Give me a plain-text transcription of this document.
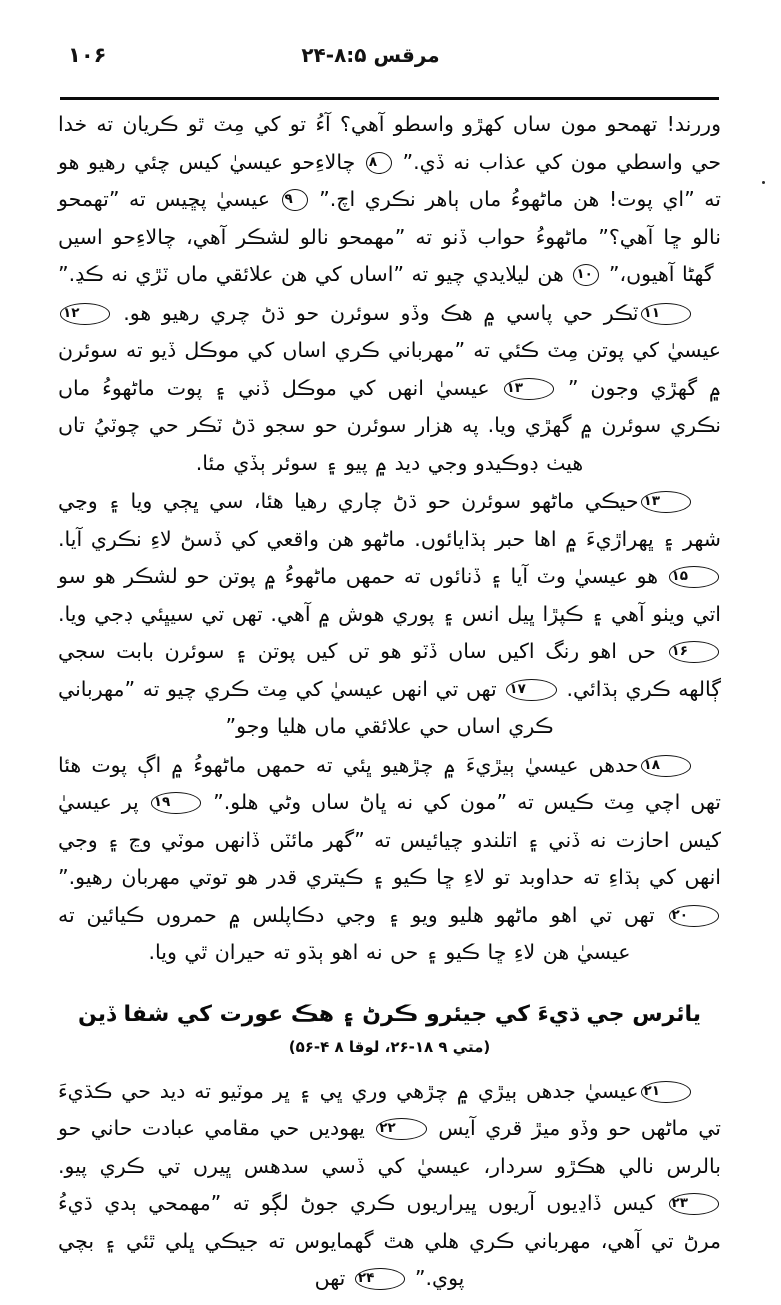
۱۰۶	مرقس ۸:۵-۲۴
وررند! تهمحو مون ساں کھڙو واسطو آهي؟ آءُ تو کي مِٽ ٿو ڪريان ته خدا حي واسطي مون کي عذاب نه ڏي.” ۸ چالاءِحو عيسيٰ کيس چئي رهيو هو ته ”اي پوت! هن ماڻھوءُ ماں ٻاهر نڪري اچ.” ۹ عيسيٰ پڇيس ته ”تهمحو نالو ڇا آهي؟” ماڻھوءُ حواب ڏنو ته ”مهمحو نالو لشڪر آهي، چالاءِحو اسيں گھڻا آهيوں،” ۱۰ هن ليلايدي چيو ته ”اساں کي هن علائقي ماں ٽڙي نه ڪڍ.”
۱۱ٽڪر حي پاسي ۾ هڪ وڏو سوئرن حو ڌڻ چري رهيو هو. ۱۲ عيسيٰ کي پوتن مِٽ ڪئي ته ”مهرباني ڪري اساں کي موڪل ڏيو ته سوئرن ۾ گھڙي وجون ” ۱۳ عيسيٰ انهں کي موڪل ڏني ۽ پوت ماڻھوءُ ماں نڪري سوئرن ۾ گھڙي ويا. په هزار سوئرن حو سجو ڌڻ ٽڪر حي چوٽيُ تاں هيٺ ڊوڪيدو وجي ديد ۾ پيو ۽ سوئر ٻڏي مئا.
۱۳حيڪي ماڻھو سوئرن حو ڌڻ چاري رهيا هئا، سي ڀڄي ويا ۽ وڃي شهر ۽ ڀهراڙيءَ ۾ اها حبر ٻڌايائوں. ماڻهو هن واقعي کي ڏسڻ لاءِ نڪري آيا. ۱۵ هو عيسيٰ وٽ آيا ۽ ڏنائوں ته حمهں ماڻھوءُ ۾ پوتن حو لشڪر هو سو اتي ويٺو آهي ۽ ڪپڙا ڀيل انس ۽ پوري هوش ۾ آهي. تهں تي سيڀئي ڊجي ويا. ۱۶ حں اهو رنگ اکيں ساں ڏٽو هو تں کيں پوتن ۽ سوئرن بابت سجي ڳالهه ڪري ٻڌائي. ۱۷ تهں تي انهں عيسيٰ کي مِٽ ڪري چيو ته ”مهرباني ڪري اساں حي علائقي ماں هليا وجو”
۱۸حدهں عيسيٰ ٻيڙيءَ ۾ چڙهيو ڀئي ته حمهں ماڻھوءُ ۾ اڳ پوت هئا تهں اچي مِٽ ڪيس ته ”مون کي نه ڀاڻ ساں وڻي هلو.” ۱۹ پر عيسيٰ کيس احازت نه ڏني ۽ اتلندو چيائيس ته ”گھر مائٽں ڏانهں موٽي وڃ ۽ وجي انهں کي ٻڌاءِ ته حداوبد تو لاءِ ڇا ڪيو ۽ ڪيتري قدر هو توتي مهربان رهيو.” ۲۰ تهں تي اهو ماڻھو هليو ويو ۽ وجي دڪاپلس ۾ حمروں ڪيائين ته عيسيٰ هن لاءِ ڇا ڪيو ۽ حں نه اهو ٻڌو ته حيران ٿي ويا.
يائرس جي ڌيءَ کي جيئرو ڪرڻ ۽ هڪ عورت کي شفا ڏين
(متي ۹ ۱۸-۲۶، لوقا ۸ ۴-۵۶)
۲۱عيسيٰ جدهں ٻيڙي ۾ چڙهي وري ڀي ۽ ڀر موٽيو ته ديد حي ڪڌيءَ تي ماڻهں حو وڏو ميڙ قري آيس ۲۲ يهوديں حي مقامي عبادت حاني حو بالرس نالي هڪڙو سردار، عيسيٰ کي ڏسي سدهس ڀيرں تي ڪري پيو. ۲۳ کيس ڏاڍيوں آريوں ڀيراريوں ڪري جوڻ لڳو ته ”مهمحي ٻدي ڌيءُ مرڻ تي آهي، مهرباني ڪري هلي هٿ گھمايوس ته جيڪي ڀلي ٿئي ۽ بچي پوي.” ۲۴ تهں
